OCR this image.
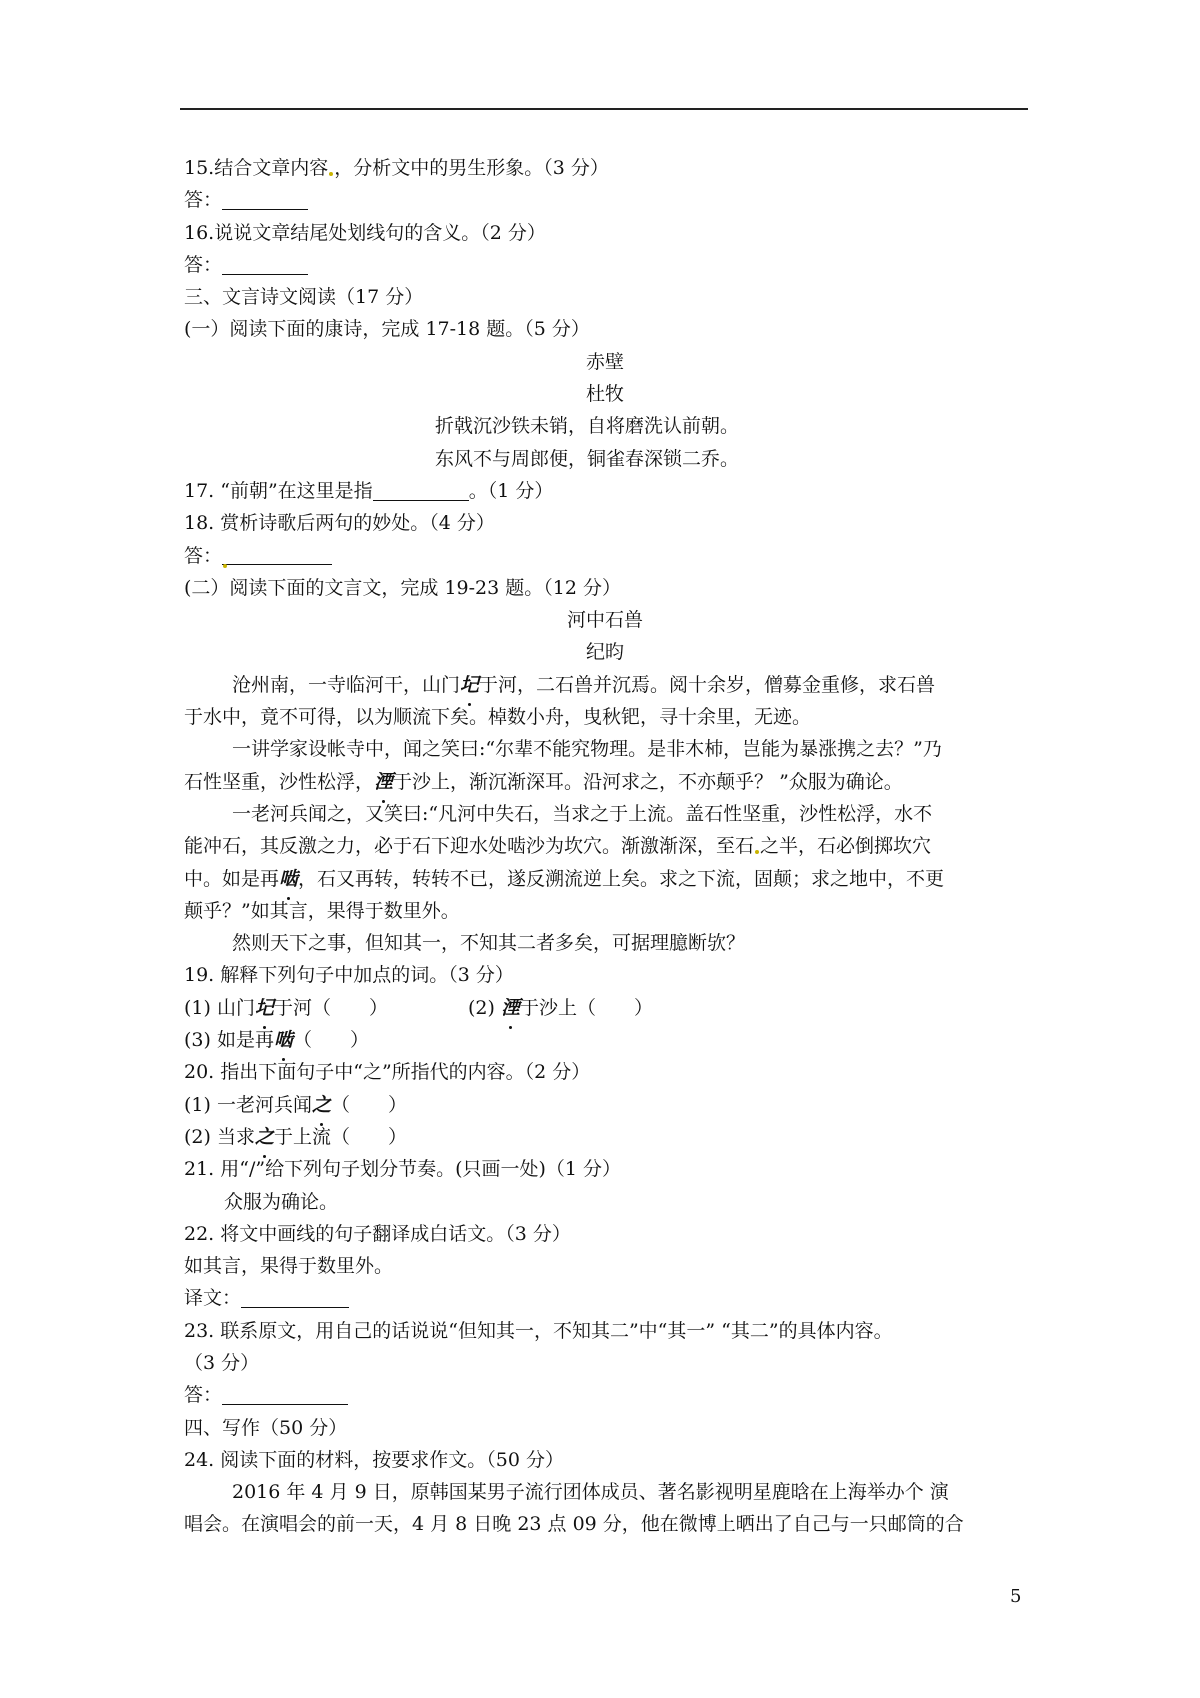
15.结合文章内容 ，分析文中的男生形象。（3 分）
答：
16.说说文章结尾处划线句的含义。（2 分）
答：
三、文言诗文阅读（17 分）
(一）阅读下面的康诗，完成 17-18 题。（5 分）
赤壁
杜牧
折戟沉沙铁未销，自将磨洗认前朝。
东风不与周郎便，铜雀春深锁二乔。
17. “前朝”在这里是指	。（1 分）
18. 赏析诗歌后两句的妙处。（4 分）
答：
(二）阅读下面的文言文，完成 19-23 题。（12 分）
河中石兽
纪昀
沧州南，一寺临河干，山门圮于河，二石兽并沉焉。阅十余岁，僧募金重修，求石兽
于水中，竟不可得，以为顺流下矣。棹数小舟，曳秋钯，寻十余里，无迹。
一讲学家设帐寺中，闻之笑曰:“尔辈不能究物理。是非木杮，岂能为暴涨携之去？”乃
石性坚重，沙性松浮，湮于沙上，渐沉渐深耳。沿河求之，不亦颠乎？ ”众服为确论。
一老河兵闻之，又笑曰:“凡河中失石，当求之于上流。盖石性坚重，沙性松浮，水不
能冲石，其反激之力，必于石下迎水处啮沙为坎穴。渐激渐深，至石 之半，石必倒掷坎穴
中。如是再啮，石又再转，转转不已，遂反溯流逆上矣。求之下流，固颠；求之地中，不更
颠乎？”如其言，果得于数里外。
然则天下之事，但知其一，不知其二者多矣，可据理臆断欤？
19. 解释下列句子中加点的词。（3 分）
(1) 山门圮于河（　　）	(2) 湮于沙上（　　）
(3) 如是再啮（　　）
20. 指出下面句子中“之”所指代的内容。（2 分）
(1) 一老河兵闻之（　　）
(2) 当求之于上流（　　）
21. 用“/”给下列句子划分节奏。(只画一处)（1 分）
众服为确论。
22. 将文中画线的句子翻译成白话文。（3 分）
如其言，果得于数里外。
译文：
23. 联系原文，用自己的话说说“但知其一，不知其二”中“其一” “其二”的具体内容。
（3 分）
答：
四、写作（50 分）
24. 阅读下面的材料，按要求作文。（50 分）
2016 年 4 月 9 日，原韩国某男子流行团体成员、著名影视明星鹿晗在上海举办个 演
唱会。在演唱会的前一天，4 月 8 日晚 23 点 09 分，他在微博上晒出了自己与一只邮筒的合
5
